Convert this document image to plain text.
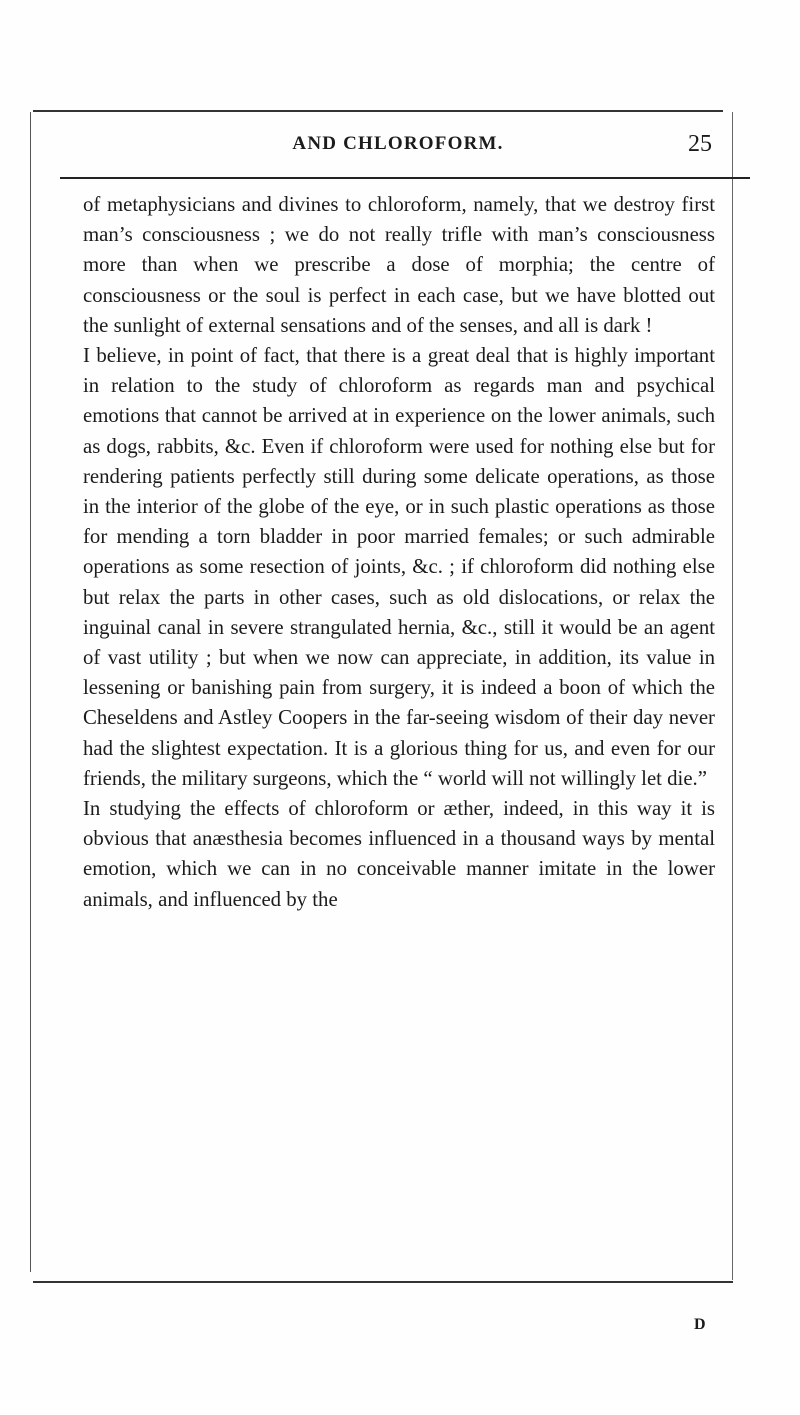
AND CHLOROFORM.	25

of metaphysicians and divines to chloroform, namely, that we destroy first man’s consciousness ; we do not really trifle with man’s consciousness more than when we prescribe a dose of morphia; the centre of consciousness or the soul is perfect in each case, but we have blotted out the sunlight of external sensations and of the senses, and all is dark !

I believe, in point of fact, that there is a great deal that is highly important in relation to the study of chloroform as regards man and psychical emotions that cannot be arrived at in experience on the lower animals, such as dogs, rabbits, &c. Even if chloroform were used for nothing else but for rendering patients perfectly still during some delicate operations, as those in the interior of the globe of the eye, or in such plastic operations as those for mending a torn bladder in poor married females; or such admirable operations as some resection of joints, &c. ; if chloroform did nothing else but relax the parts in other cases, such as old dislocations, or relax the inguinal canal in severe strangulated hernia, &c., still it would be an agent of vast utility ; but when we now can appreciate, in addition, its value in lessening or banishing pain from surgery, it is indeed a boon of which the Cheseldens and Astley Coopers in the far-seeing wisdom of their day never had the slightest expectation. It is a glorious thing for us, and even for our friends, the military surgeons, which the “ world will not willingly let die.”

In studying the effects of chloroform or æther, indeed, in this way it is obvious that anæsthesia becomes influenced in a thousand ways by mental emotion, which we can in no conceivable manner imitate in the lower animals, and influenced by the

D
